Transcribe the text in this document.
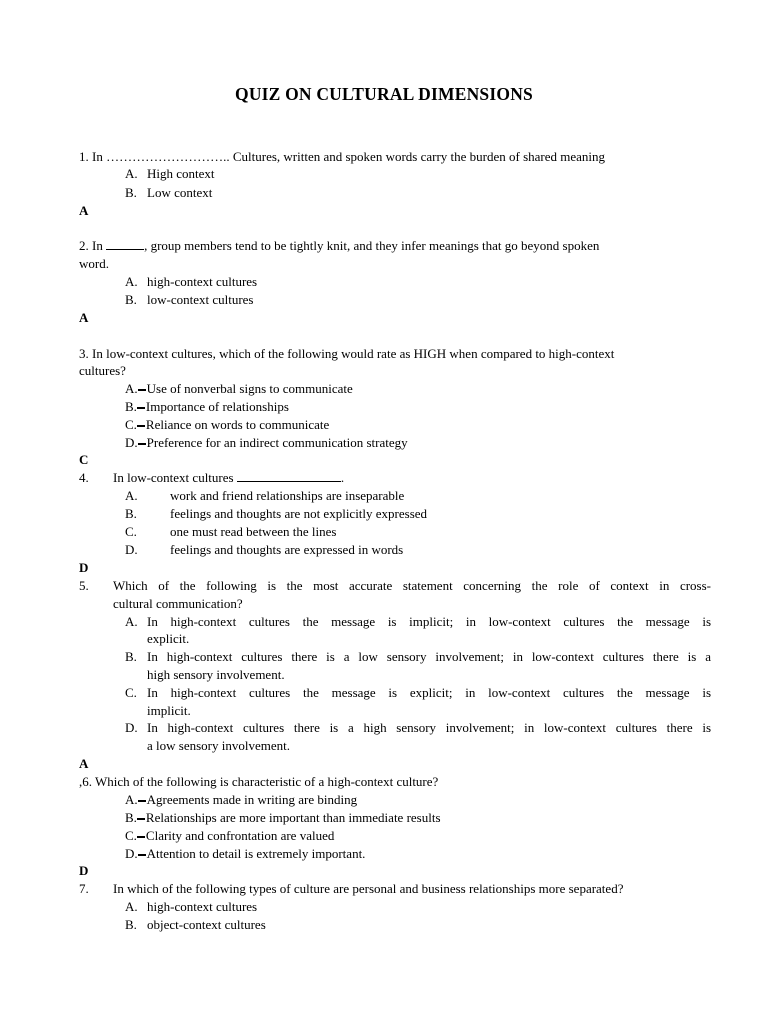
QUIZ ON CULTURAL DIMENSIONS
1. In ……………………….. Cultures, written and spoken words carry the burden of shared meaning
A. High context
B. Low context
A
2. In	, group members tend to be tightly knit, and they infer meanings that go beyond spoken
word.
A. high-context cultures
B. low-context cultures
A
3. In low-context cultures, which of the following would rate as HIGH when compared to high-context
cultures?
A. Use of nonverbal signs to communicate
B. Importance of relationships
C. Reliance on words to communicate
D. Preference for an indirect communication strategy
C
4. In low-context cultures	.
A. work and friend relationships are inseparable
B.	feelings and thoughts are not explicitly expressed
C.	one must read between the lines
D. feelings and thoughts are expressed in words
D
5. Which of the following is the most accurate statement concerning the role of context in cross-
cultural communication?
A. In high-context cultures the message is implicit; in low-context cultures the message is
explicit.
B. In high-context cultures there is a low sensory involvement; in low-context cultures there is a
high sensory involvement.
C. In high-context cultures the message is explicit; in low-context cultures the message is
implicit.
D. In high-context cultures there is a high sensory involvement; in low-context cultures there is
a low sensory involvement.
A
,6. Which of the following is characteristic of a high-context culture?
A. Agreements made in writing are binding
B. Relationships are more important than immediate results
C. Clarity and confrontation are valued
D. Attention to detail is extremely important.
D
7. In which of the following types of culture are personal and business relationships more separated?
A. high-context cultures
B. object-context cultures
